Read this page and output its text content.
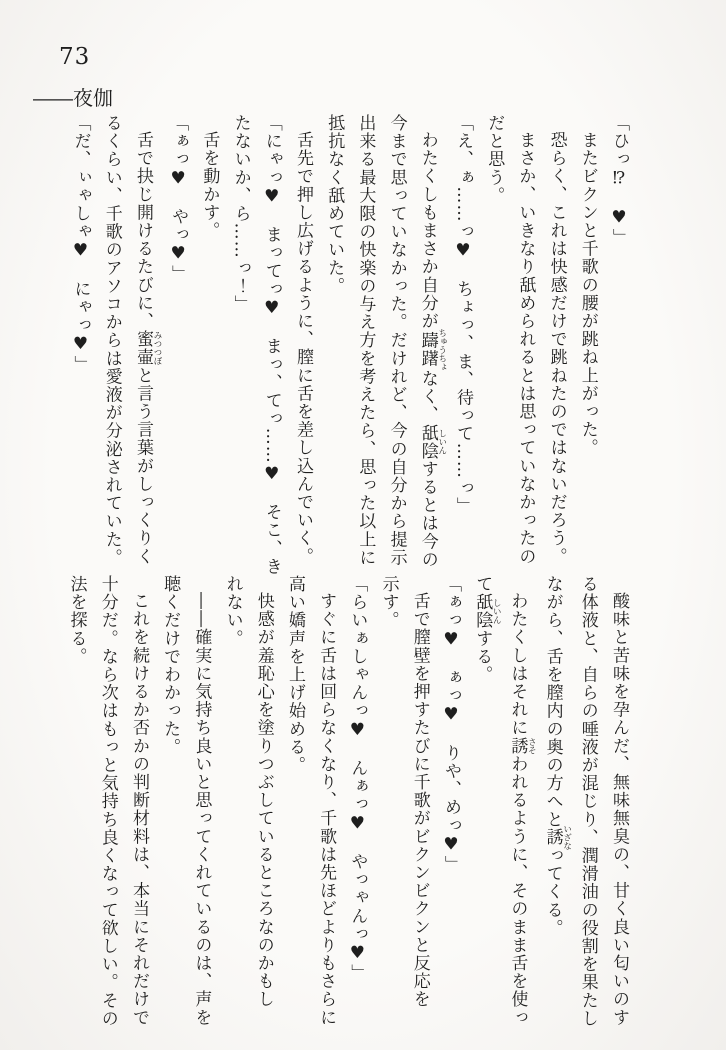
73
――夜伽

「ひっ⁉　♥」

またビクンと千歌の腰が跳ね上がった。

恐らく、これは快感だけで跳ねたのではないだろう。

まさか、いきなり舐められるとは思っていなかったの

だと思う。

「え、ぁ……っ♥　ちょっ、ま、待って……っ」

わたくしもまさか自分が躊躇 ちゅうちょなく、舐陰 しいんするとは今の

今まで思っていなかった。だけれど、今の自分から提示

出来る最大限の快楽の与え方を考えたら、思った以上に

抵抗なく舐めていた。

舌先で押し広げるように、膣に舌を差し込んでいく。

「にゃっ♥　まってっ♥　まっ、てっ……♥　そこ、き

たないか、ら……っ！」

舌を動かす。

「ぁっ♥　やっ♥」

舌で抉じ開けるたびに、蜜壷 みつつぼと言う言葉がしっくりく

るくらい、千歌のアソコからは愛液が分泌されていた。

「だ、ぃゃしゃ♥　にゃっ♥」

酸味と苦味を孕んだ、無味無臭の、甘く良い匂いのす

る体液と、自らの唾液が混じり、潤滑油の役割を果たし

ながら、舌を膣内の奥の方へと誘 いざなってくる。

わたくしはそれに誘 さそわれるように、そのまま舌を使っ

て舐陰 しいんする。

「ぁっ♥　ぁっ♥　りや、めっ♥」

舌で膣壁を押すたびに千歌がビクンビクンと反応を

示す。

「らいぁしゃんっ♥　んぁっ♥　やっゃんっ♥」

すぐに舌は回らなくなり、千歌は先ほどよりもさらに

高い嬌声を上げ始める。

快感が羞恥心を塗りつぶしているところなのかもし

れない。

――確実に気持ち良いと思ってくれているのは、声を

聴くだけでわかった。

これを続けるか否かの判断材料は、本当にそれだけで

十分だ。なら次はもっと気持ち良くなって欲しい。その

法を探る。
